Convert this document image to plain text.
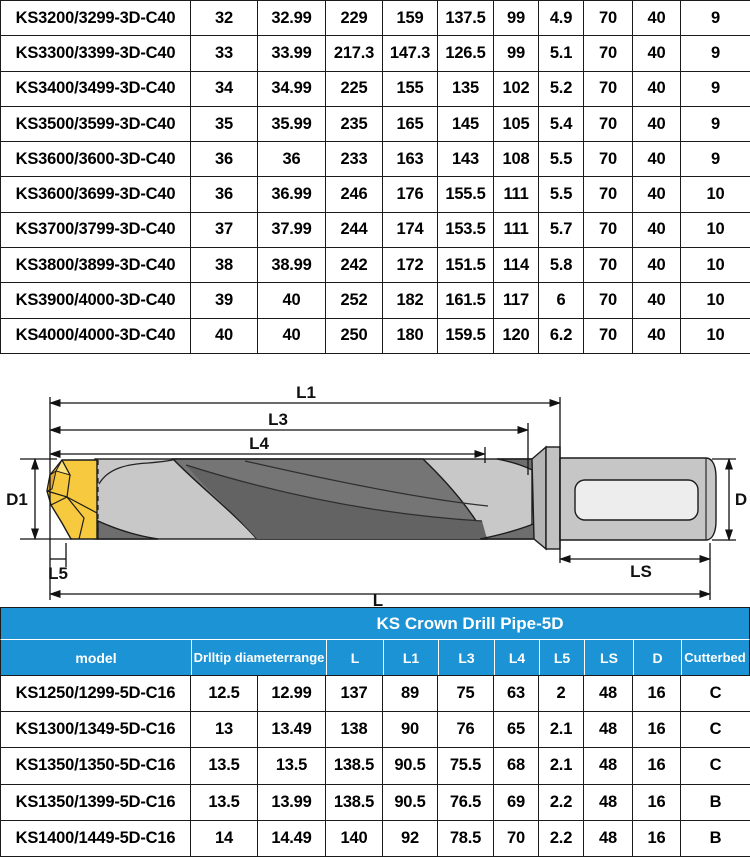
KS3200/3299-3D-C40	32	32.99	229	159	137.5	99	4.9	70	40	9
KS3300/3399-3D-C40	33	33.99	217.3	147.3	126.5	99	5.1	70	40	9
KS3400/3499-3D-C40	34	34.99	225	155	135	102	5.2	70	40	9
KS3500/3599-3D-C40	35	35.99	235	165	145	105	5.4	70	40	9
KS3600/3600-3D-C40	36	36	233	163	143	108	5.5	70	40	9
KS3600/3699-3D-C40	36	36.99	246	176	155.5	111	5.5	70	40	10
KS3700/3799-3D-C40	37	37.99	244	174	153.5	111	5.7	70	40	10
KS3800/3899-3D-C40	38	38.99	242	172	151.5	114	5.8	70	40	10
KS3900/4000-3D-C40	39	40	252	182	161.5	117	6	70	40	10
KS4000/4000-3D-C40	40	40	250	180	159.5	120	6.2	70	40	10
L1
L3
L4
D1
L5	LS
L
D
KS Crown Drill Pipe-5D
model	Drlltip diameterrange	L	L1	L3	L4	L5	LS	D	Cutterbed
KS1250/1299-5D-C16	12.5	12.99	137	89	75	63	2	48	16	C
KS1300/1349-5D-C16	13	13.49	138	90	76	65	2.1	48	16	C
KS1350/1350-5D-C16	13.5	13.5	138.5	90.5	75.5	68	2.1	48	16	C
KS1350/1399-5D-C16	13.5	13.99	138.5	90.5	76.5	69	2.2	48	16	B
KS1400/1449-5D-C16	14	14.49	140	92	78.5	70	2.2	48	16	B
